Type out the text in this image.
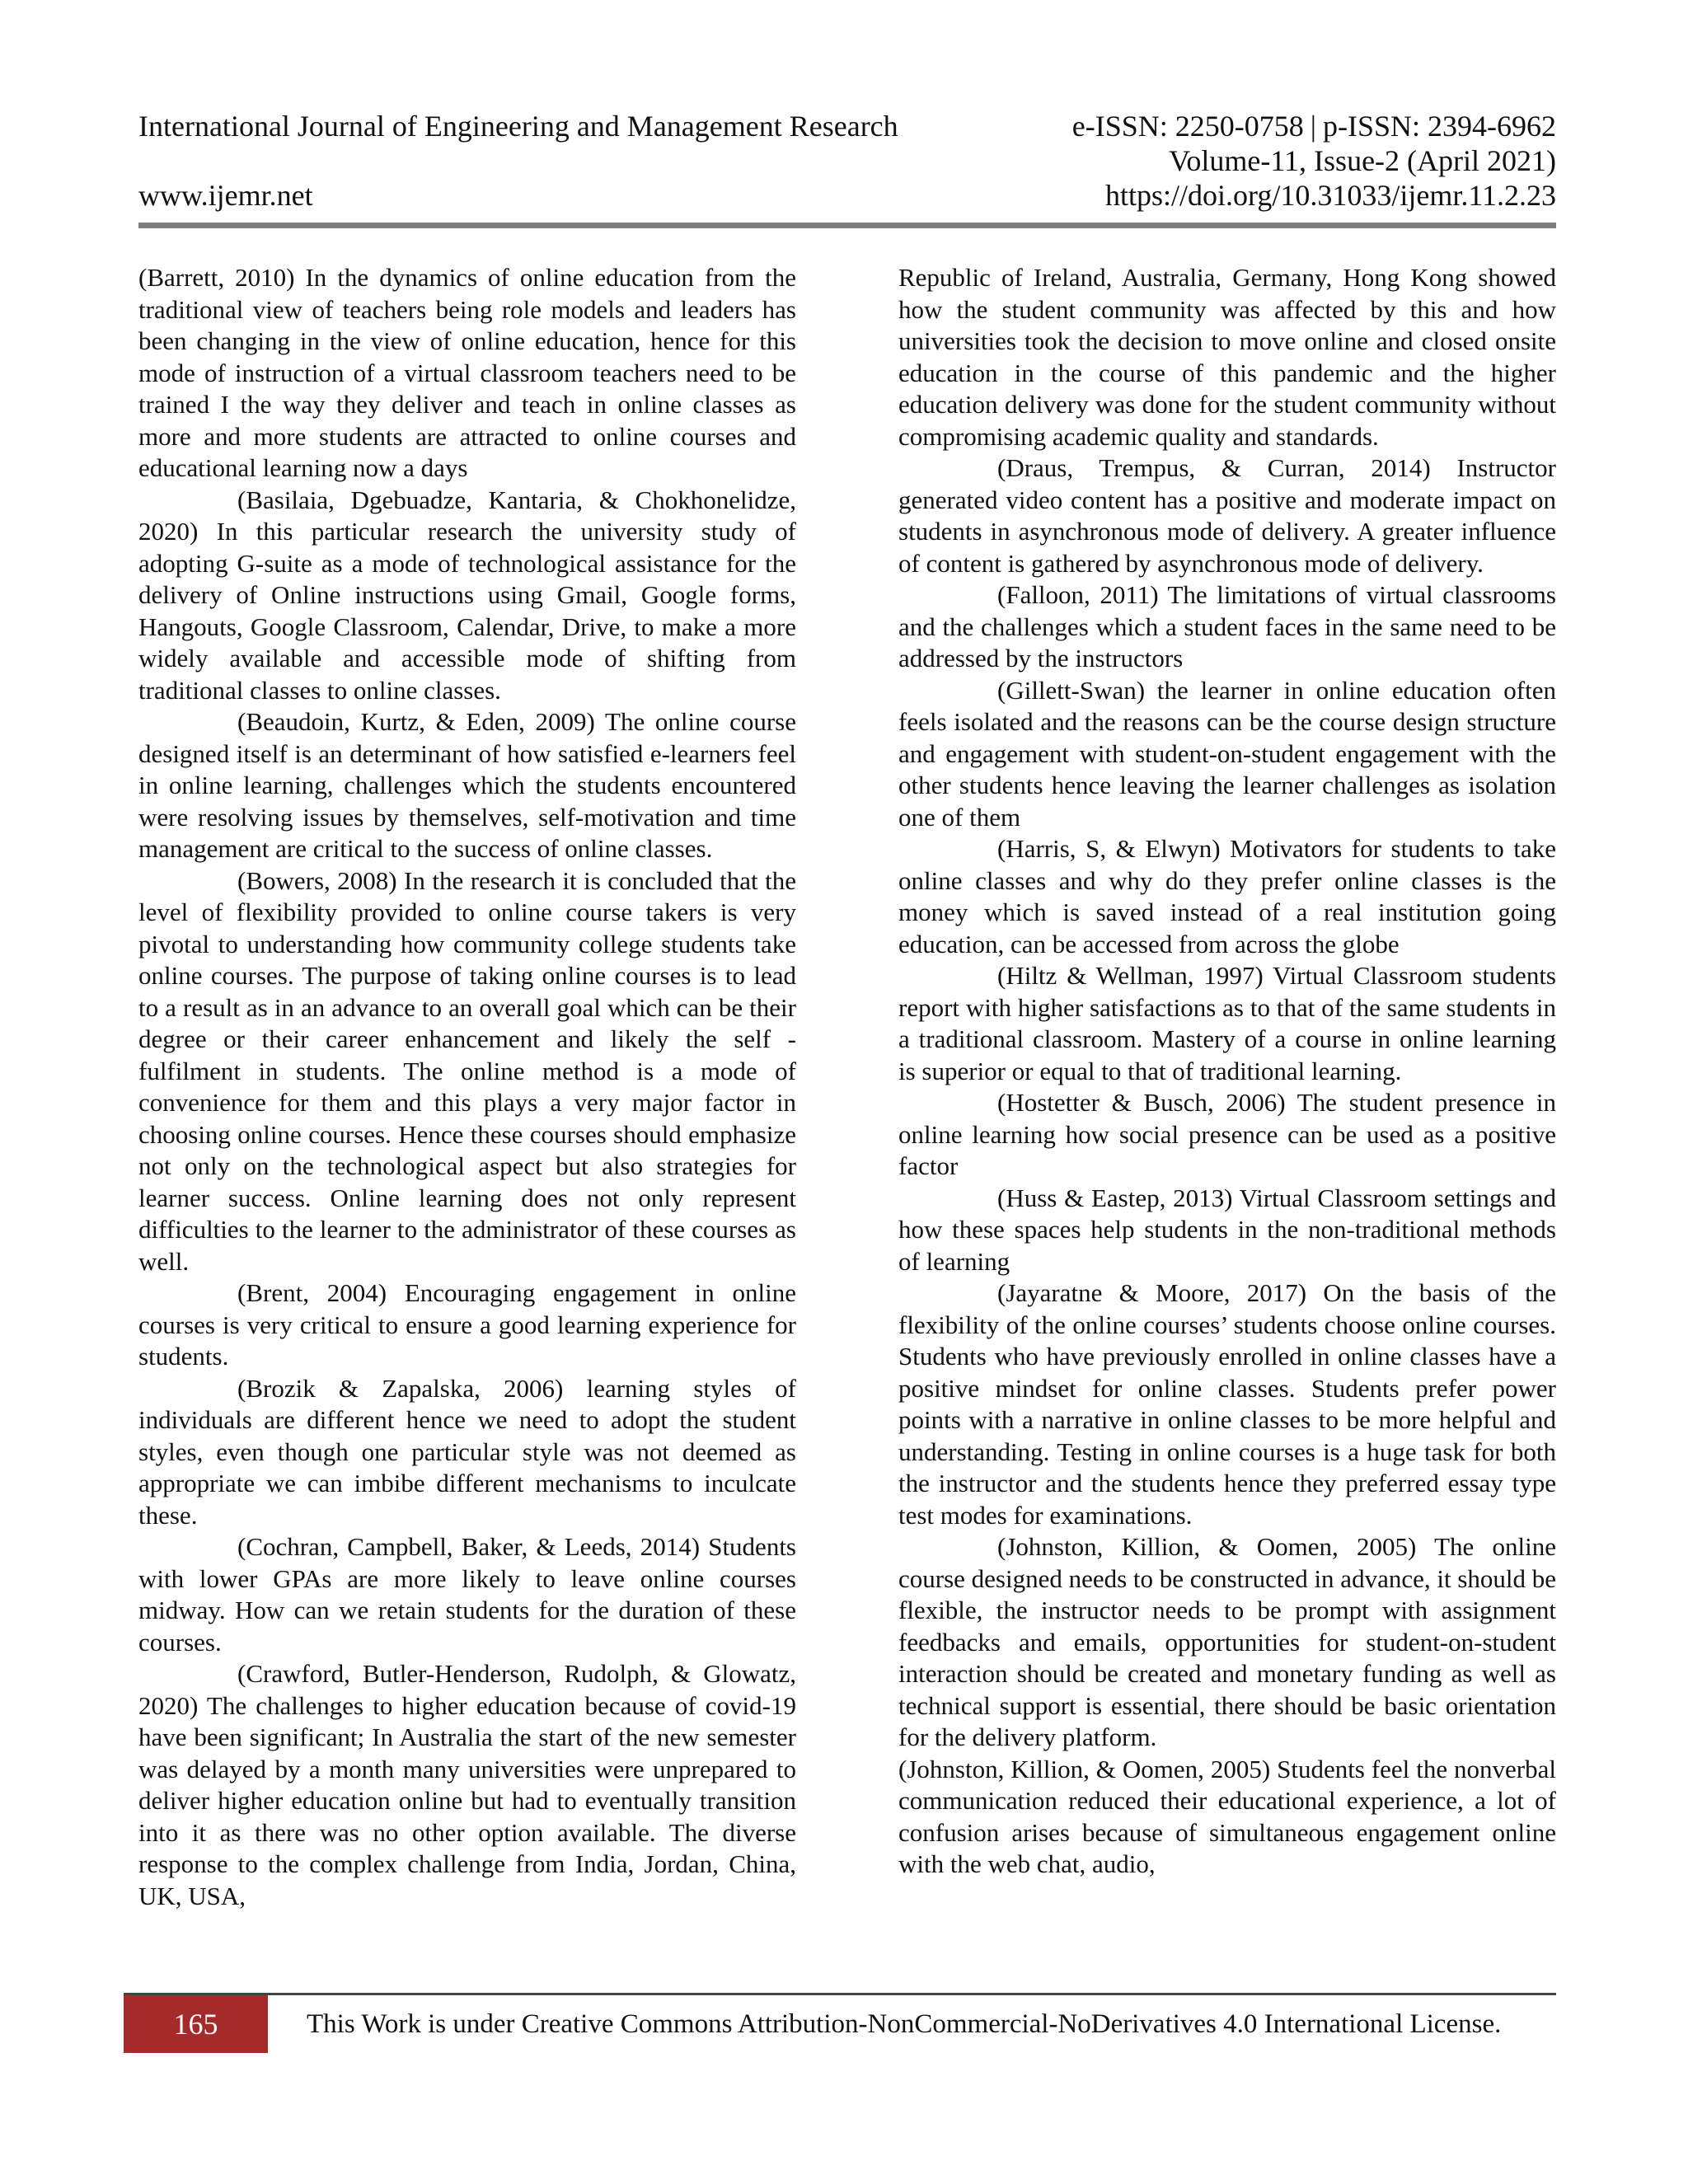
International Journal of Engineering and Management Research
www.ijemr.net
e-ISSN: 2250-0758 | p-ISSN: 2394-6962
Volume-11, Issue-2 (April 2021)
https://doi.org/10.31033/ijemr.11.2.23

(Barrett, 2010) In the dynamics of online education from the traditional view of teachers being role models and leaders has been changing in the view of online education, hence for this mode of instruction of a virtual classroom teachers need to be trained I the way they deliver and teach in online classes as more and more students are attracted to online courses and educational learning now a days

(Basilaia, Dgebuadze, Kantaria, & Chokhonelidze, 2020) In this particular research the university study of adopting G-suite as a mode of technological assistance for the delivery of Online instructions using Gmail, Google forms, Hangouts, Google Classroom, Calendar, Drive, to make a more widely available and accessible mode of shifting from traditional classes to online classes.

(Beaudoin, Kurtz, & Eden, 2009) The online course designed itself is an determinant of how satisfied e-learners feel in online learning, challenges which the students encountered were resolving issues by themselves, self-motivation and time management are critical to the success of online classes.

(Bowers, 2008) In the research it is concluded that the level of flexibility provided to online course takers is very pivotal to understanding how community college students take online courses. The purpose of taking online courses is to lead to a result as in an advance to an overall goal which can be their degree or their career enhancement and likely the self - fulfilment in students. The online method is a mode of convenience for them and this plays a very major factor in choosing online courses. Hence these courses should emphasize not only on the technological aspect but also strategies for learner success. Online learning does not only represent difficulties to the learner to the administrator of these courses as well.

(Brent, 2004) Encouraging engagement in online courses is very critical to ensure a good learning experience for students.

(Brozik & Zapalska, 2006) learning styles of individuals are different hence we need to adopt the student styles, even though one particular style was not deemed as appropriate we can imbibe different mechanisms to inculcate these.

(Cochran, Campbell, Baker, & Leeds, 2014) Students with lower GPAs are more likely to leave online courses midway. How can we retain students for the duration of these courses.

(Crawford, Butler-Henderson, Rudolph, & Glowatz, 2020) The challenges to higher education because of covid-19 have been significant; In Australia the start of the new semester was delayed by a month many universities were unprepared to deliver higher education online but had to eventually transition into it as there was no other option available. The diverse response to the complex challenge from India, Jordan, China, UK, USA,

Republic of Ireland, Australia, Germany, Hong Kong showed how the student community was affected by this and how universities took the decision to move online and closed onsite education in the course of this pandemic and the higher education delivery was done for the student community without compromising academic quality and standards.

(Draus, Trempus, & Curran, 2014) Instructor generated video content has a positive and moderate impact on students in asynchronous mode of delivery. A greater influence of content is gathered by asynchronous mode of delivery.

(Falloon, 2011) The limitations of virtual classrooms and the challenges which a student faces in the same need to be addressed by the instructors

(Gillett-Swan) the learner in online education often feels isolated and the reasons can be the course design structure and engagement with student-on-student engagement with the other students hence leaving the learner challenges as isolation one of them

(Harris, S, & Elwyn) Motivators for students to take online classes and why do they prefer online classes is the money which is saved instead of a real institution going education, can be accessed from across the globe

(Hiltz & Wellman, 1997) Virtual Classroom students report with higher satisfactions as to that of the same students in a traditional classroom. Mastery of a course in online learning is superior or equal to that of traditional learning.

(Hostetter & Busch, 2006) The student presence in online learning how social presence can be used as a positive factor

(Huss & Eastep, 2013) Virtual Classroom settings and how these spaces help students in the non-traditional methods of learning

(Jayaratne & Moore, 2017) On the basis of the flexibility of the online courses’ students choose online courses. Students who have previously enrolled in online classes have a positive mindset for online classes. Students prefer power points with a narrative in online classes to be more helpful and understanding. Testing in online courses is a huge task for both the instructor and the students hence they preferred essay type test modes for examinations.

(Johnston, Killion, & Oomen, 2005) The online course designed needs to be constructed in advance, it should be flexible, the instructor needs to be prompt with assignment feedbacks and emails, opportunities for student-on-student interaction should be created and monetary funding as well as technical support is essential, there should be basic orientation for the delivery platform.

(Johnston, Killion, & Oomen, 2005) Students feel the nonverbal communication reduced their educational experience, a lot of confusion arises because of simultaneous engagement online with the web chat, audio,

165	This Work is under Creative Commons Attribution-NonCommercial-NoDerivatives 4.0 International License.
